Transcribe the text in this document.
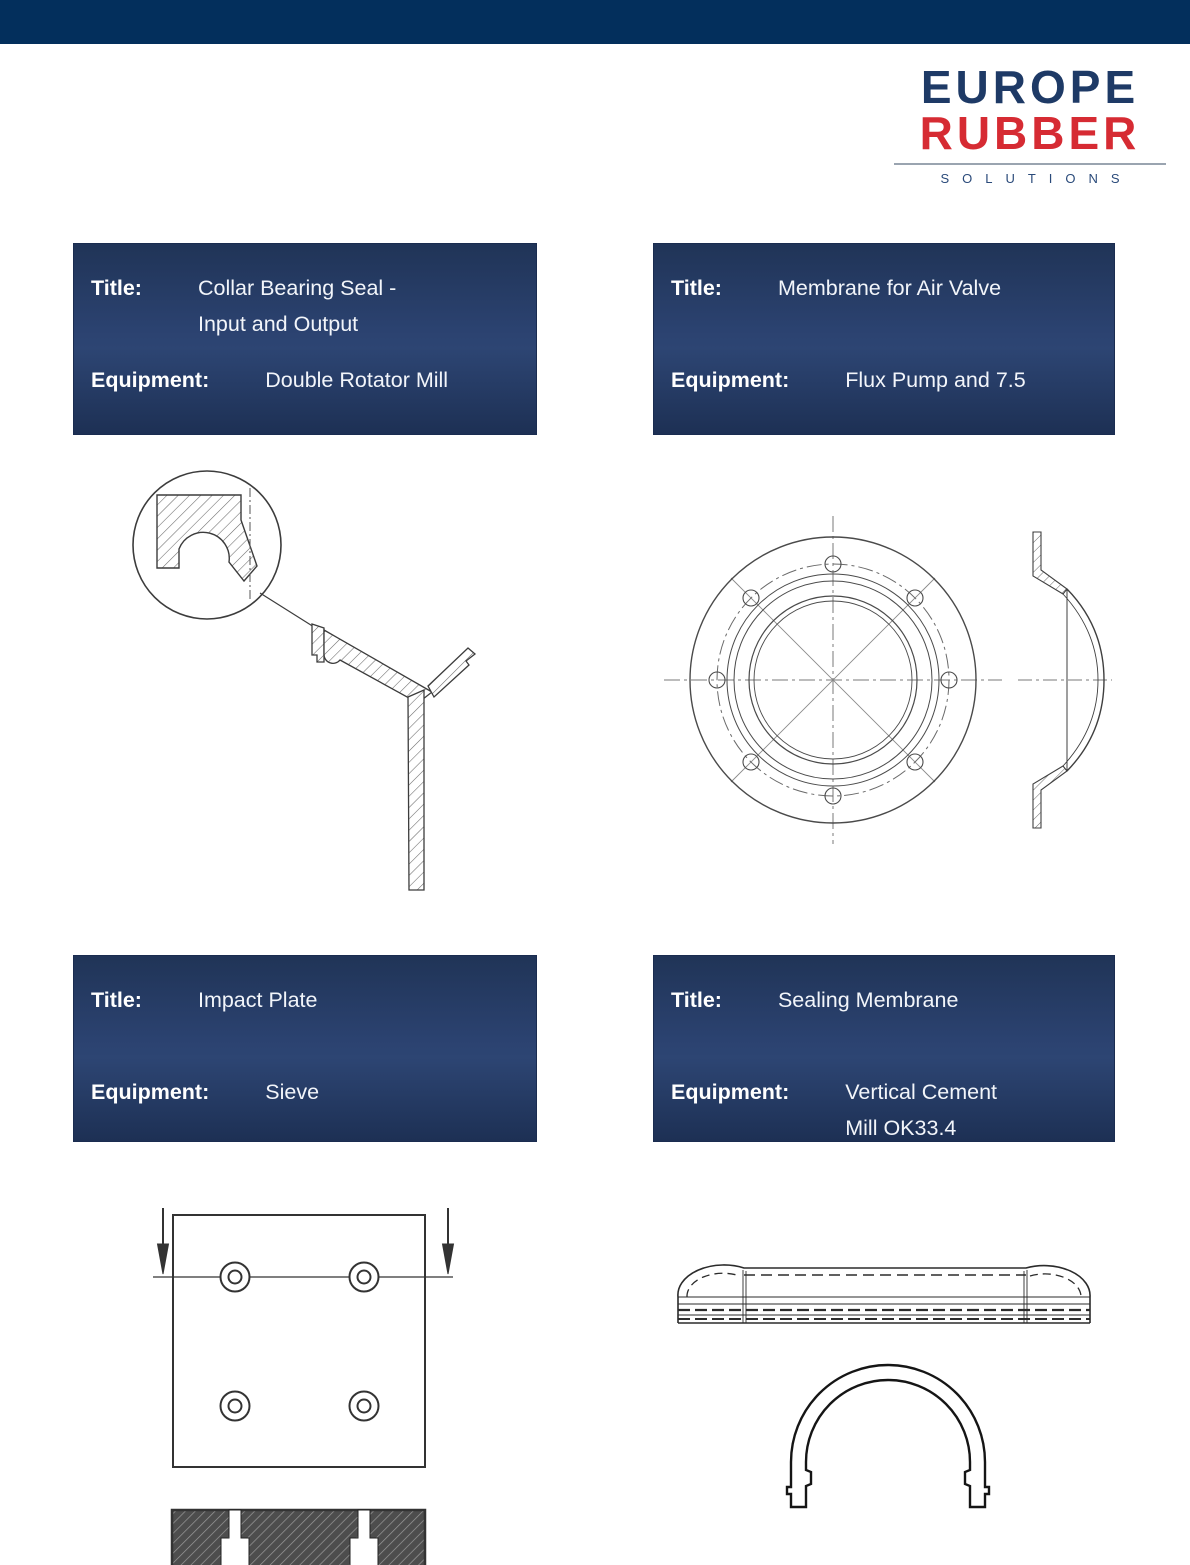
EUROPE
RUBBER
SOLUTIONS
Title:	Collar Bearing Seal - Input and Output
Equipment:	Double Rotator Mill
Title:	Membrane for Air Valve
Equipment:	Flux Pump and 7.5
Title:	Impact Plate
Equipment:	Sieve
Title:	Sealing Membrane
Equipment:	Vertical Cement Mill OK33.4
